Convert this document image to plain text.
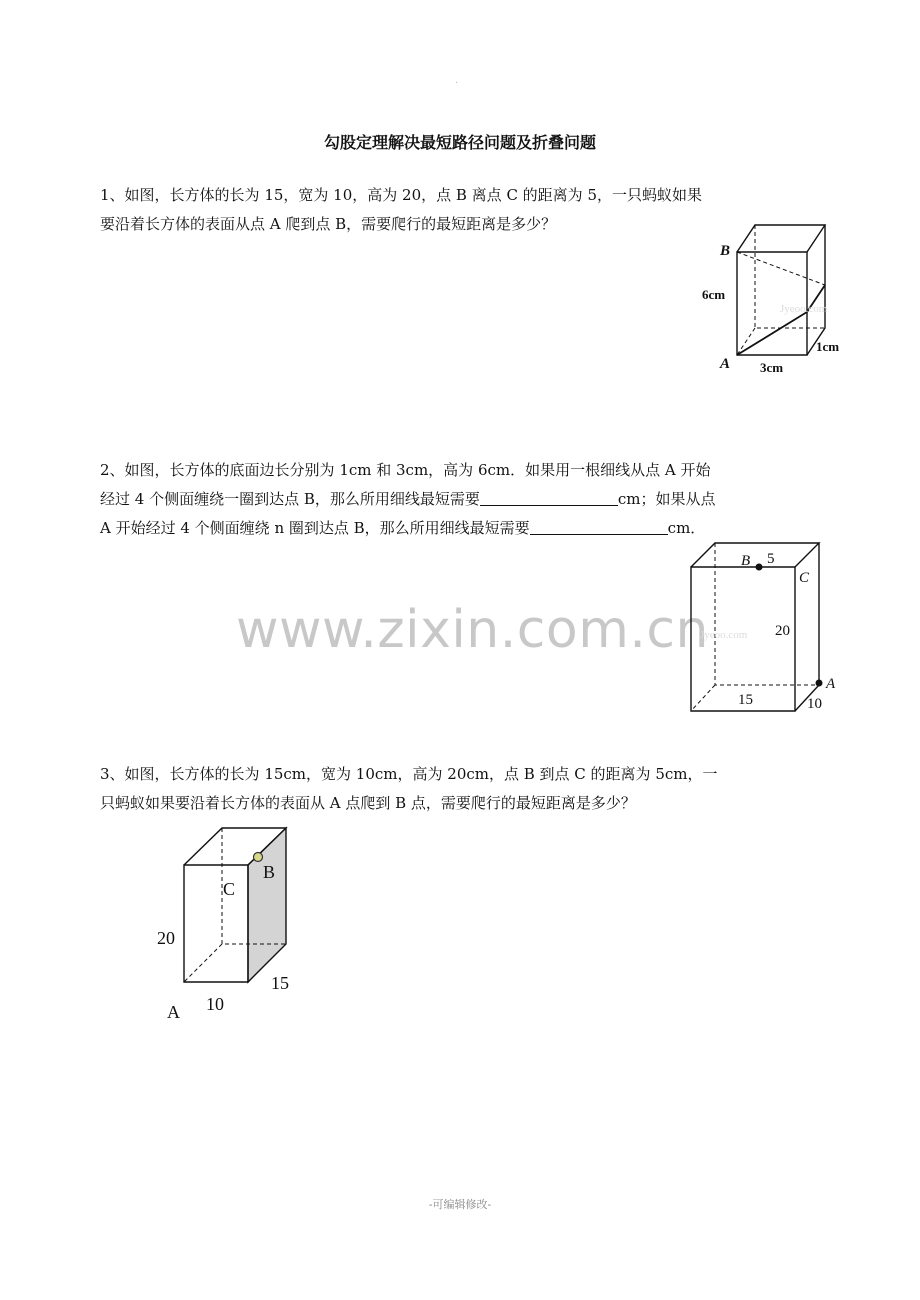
·
勾股定理解决最短路径问题及折叠问题
1、如图，长方体的长为 15，宽为 10，高为 20，点 B 离点 C 的距离为 5，一只蚂蚁如果
要沿着长方体的表面从点 A 爬到点 B，需要爬行的最短距离是多少？
Jyeoo.com
B
A
6cm
3cm
1cm
2、如图，长方体的底面边长分别为 1cm 和 3cm，高为 6cm．如果用一根细线从点 A 开始
经过 4 个侧面缠绕一圈到达点 B，那么所用细线最短需要	cm；如果从点
A 开始经过 4 个侧面缠绕 n 圈到达点 B，那么所用细线最短需要	cm．
www.zixin.com.cn
Jyeoo.com
B 5
C
20
A
15	10
3、如图，长方体的长为 15cm，宽为 10cm，高为 20cm，点 B 到点 C 的距离为 5cm，一
只蚂蚁如果要沿着长方体的表面从 A 点爬到 B 点，需要爬行的最短距离是多少？
B
C
20
15
10
A
-可编辑修改-
